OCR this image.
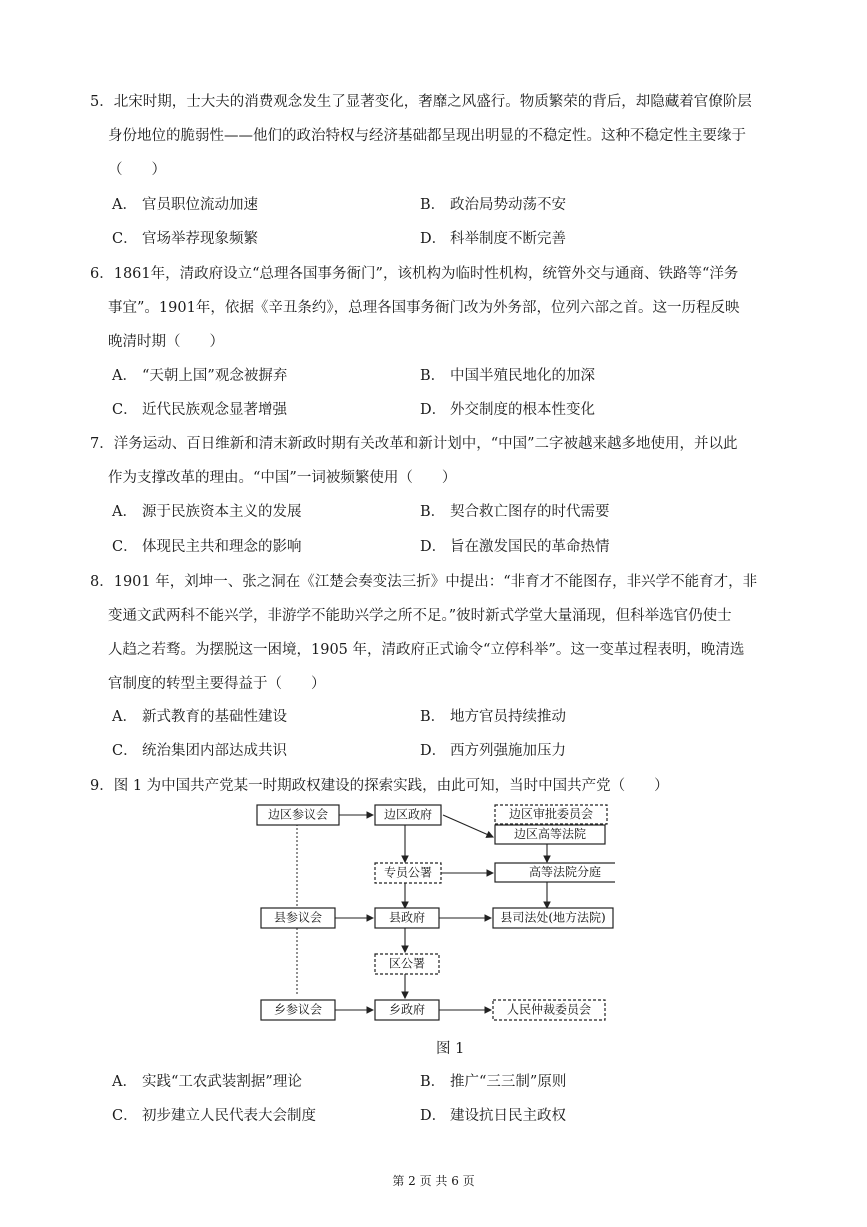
5．北宋时期，士大夫的消费观念发生了显著变化，奢靡之风盛行。物质繁荣的背后，却隐藏着官僚阶层
身份地位的脆弱性——他们的政治特权与经济基础都呈现出明显的不稳定性。这种不稳定性主要缘于
（　　）
A． 官员职位流动加速	B． 政治局势动荡不安
C． 官场举荐现象频繁	D． 科举制度不断完善
6．1861年，清政府设立“总理各国事务衙门”，该机构为临时性机构，统管外交与通商、铁路等“洋务
事宜”。1901年，依据《辛丑条约》，总理各国事务衙门改为外务部，位列六部之首。这一历程反映
晚清时期（　　）
A． “天朝上国”观念被摒弃	B． 中国半殖民地化的加深
C． 近代民族观念显著增强	D． 外交制度的根本性变化
7．洋务运动、百日维新和清末新政时期有关改革和新计划中，“中国”二字被越来越多地使用，并以此
作为支撑改革的理由。“中国”一词被频繁使用（　　）
A． 源于民族资本主义的发展	B． 契合救亡图存的时代需要
C． 体现民主共和理念的影响	D． 旨在激发国民的革命热情
8．1901 年，刘坤一、张之洞在《江楚会奏变法三折》中提出：“非育才不能图存，非兴学不能育才，非
变通文武两科不能兴学，非游学不能助兴学之所不足。”彼时新式学堂大量涌现，但科举选官仍使士
人趋之若骛。为摆脱这一困境，1905 年，清政府正式谕令“立停科举”。这一变革过程表明，晚清选
官制度的转型主要得益于（　　）
A． 新式教育的基础性建设	B． 地方官员持续推动
C． 统治集团内部达成共识	D． 西方列强施加压力
9．图 1 为中国共产党某一时期政权建设的探索实践，由此可知，当时中国共产党（　　）
边区参议会	边区政府	边区审批委员会
边区高等法院
专员公署	高等法院分庭
县参议会	县政府	县司法处(地方法院)
区公署
乡参议会	乡政府	人民仲裁委员会
图 1
A． 实践“工农武装割据”理论	B． 推广“三三制”原则
C． 初步建立人民代表大会制度	D． 建设抗日民主政权
第 2 页 共 6 页
